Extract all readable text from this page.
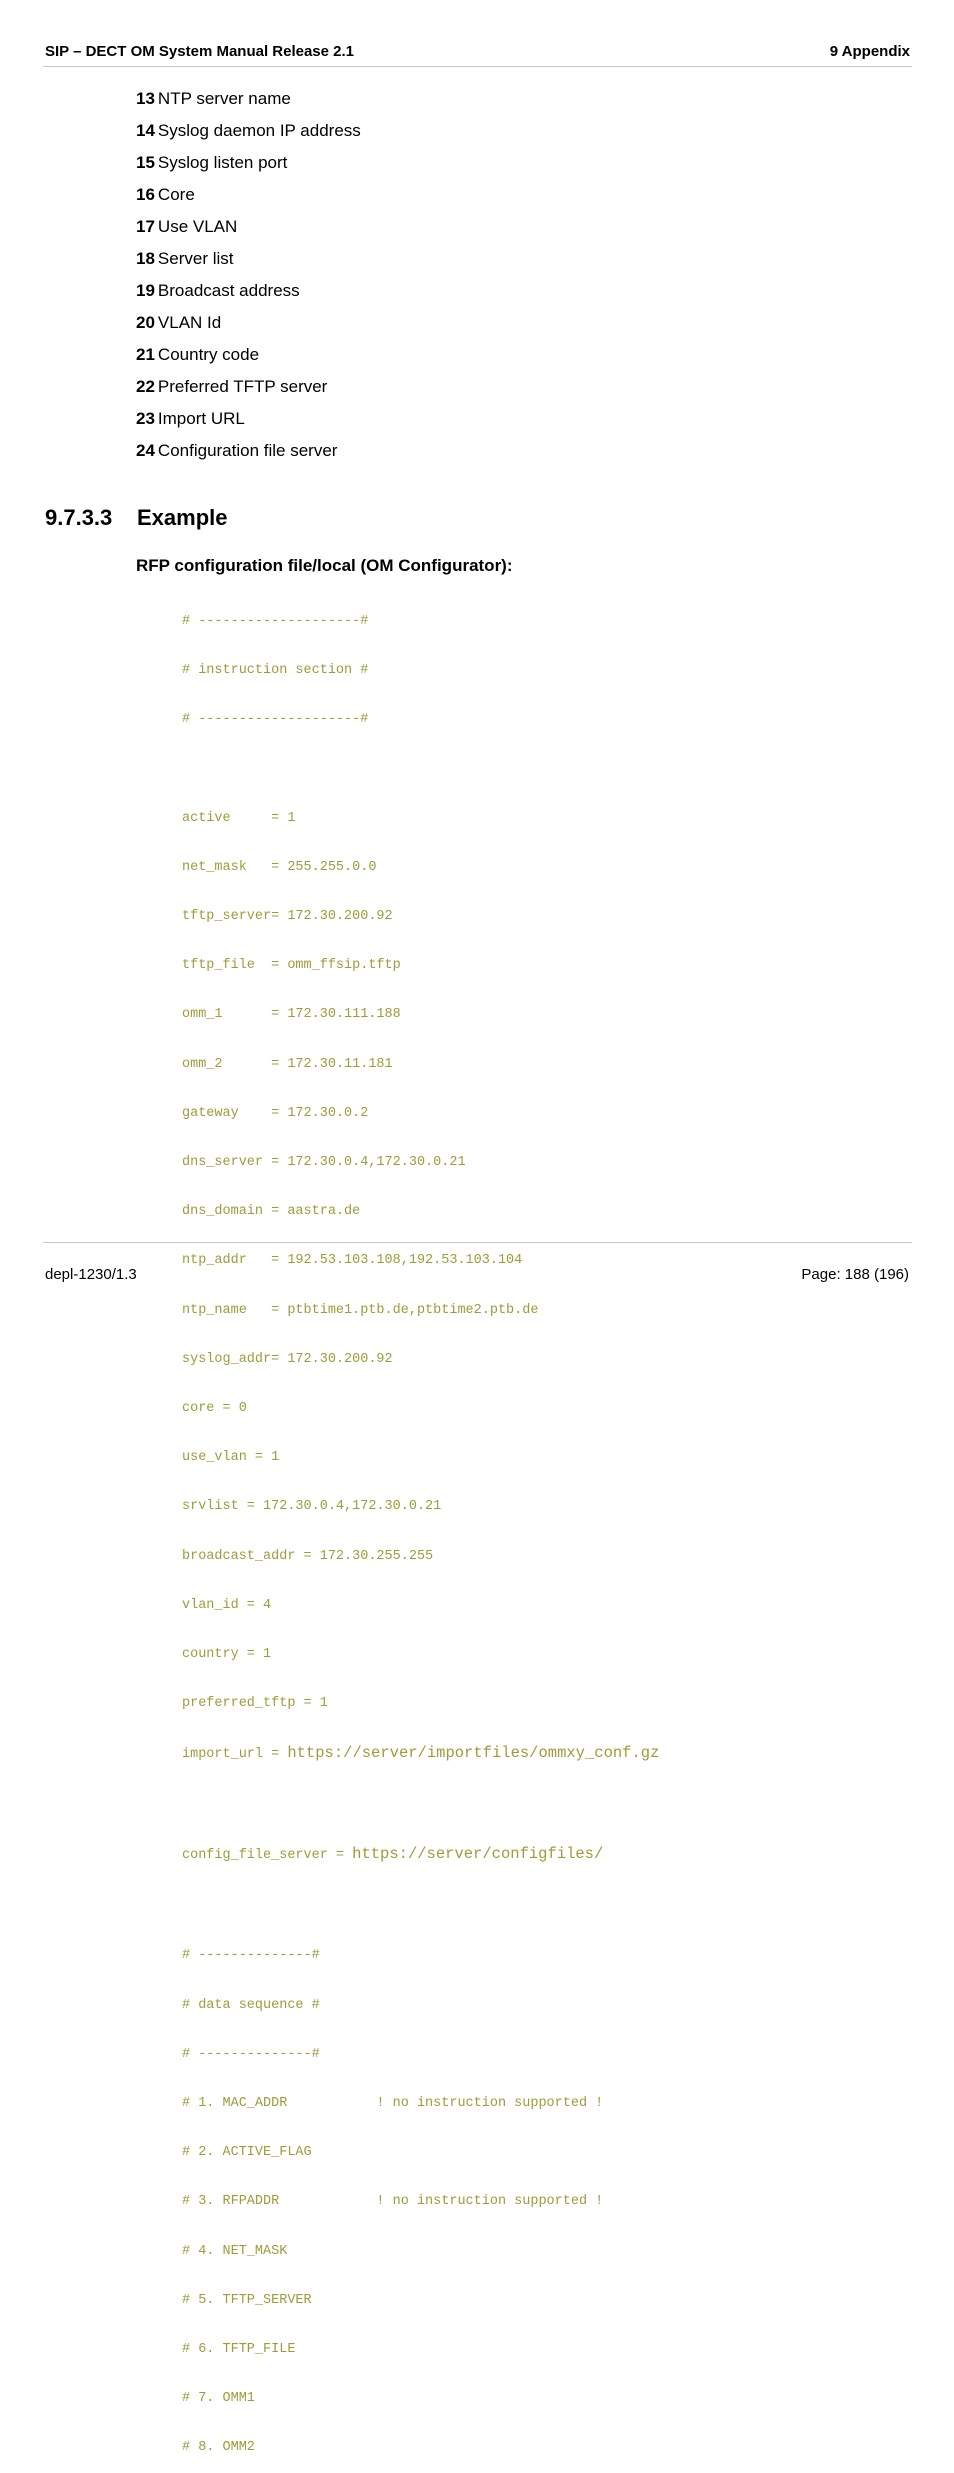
SIP – DECT OM System Manual Release 2.1	9 Appendix
13 NTP server name
14 Syslog daemon IP address
15 Syslog listen port
16 Core
17 Use VLAN
18 Server list
19 Broadcast address
20 VLAN Id
21 Country code
22 Preferred TFTP server
23 Import URL
24 Configuration file server
9.7.3.3 Example
RFP configuration file/local (OM Configurator):

# --------------------#

# instruction section #

# --------------------#

active     = 1

net_mask   = 255.255.0.0

tftp_server= 172.30.200.92

tftp_file  = omm_ffsip.tftp

omm_1      = 172.30.111.188

omm_2      = 172.30.11.181

gateway    = 172.30.0.2

dns_server = 172.30.0.4,172.30.0.21

dns_domain = aastra.de

ntp_addr   = 192.53.103.108,192.53.103.104

ntp_name   = ptbtime1.ptb.de,ptbtime2.ptb.de

syslog_addr= 172.30.200.92

core = 0

use_vlan = 1

srvlist = 172.30.0.4,172.30.0.21

broadcast_addr = 172.30.255.255

vlan_id = 4

country = 1

preferred_tftp = 1

import_url = https://server/importfiles/ommxy_conf.gz

config_file_server = https://server/configfiles/

# --------------#

# data sequence #

# --------------#

# 1. MAC_ADDR           ! no instruction supported !

# 2. ACTIVE_FLAG

# 3. RFPADDR            ! no instruction supported !

# 4. NET_MASK

# 5. TFTP_SERVER

# 6. TFTP_FILE

# 7. OMM1

# 8. OMM2

depl-1230/1.3	Page: 188 (196)
